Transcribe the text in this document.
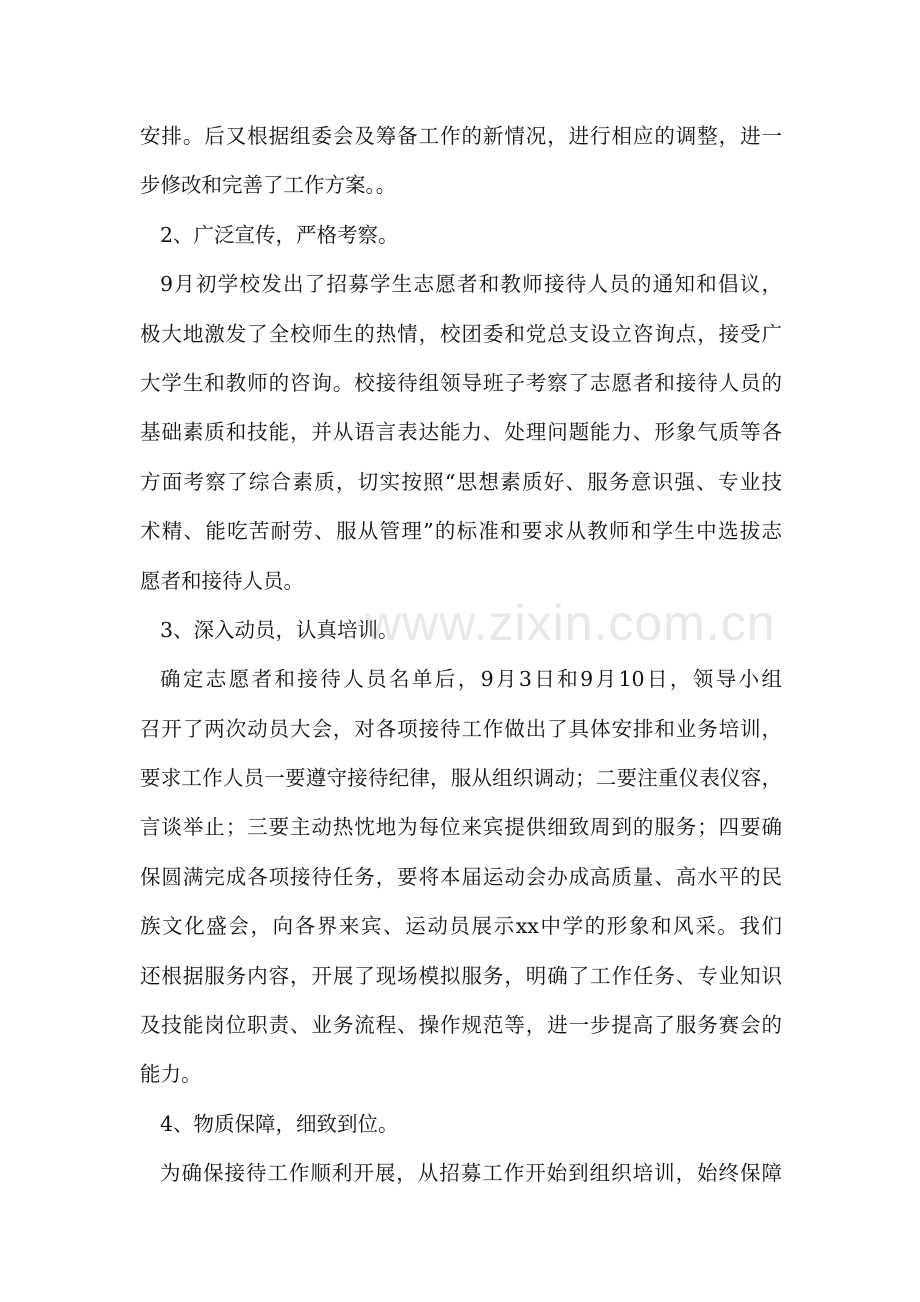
安排。后又根据组委会及筹备工作的新情况，进行相应的调整，进一
步修改和完善了工作方案。。
2、广泛宣传，严格考察。
9月初学校发出了招募学生志愿者和教师接待人员的通知和倡议，
极大地激发了全校师生的热情，校团委和党总支设立咨询点，接受广
大学生和教师的咨询。校接待组领导班子考察了志愿者和接待人员的
基础素质和技能，并从语言表达能力、处理问题能力、形象气质等各
方面考察了综合素质，切实按照“思想素质好、服务意识强、专业技
术精、能吃苦耐劳、服从管理”的标准和要求从教师和学生中选拔志
愿者和接待人员。
3、深入动员，认真培训。
确定志愿者和接待人员名单后，9月3日和9月10日，领导小组
召开了两次动员大会，对各项接待工作做出了具体安排和业务培训，
要求工作人员一要遵守接待纪律，服从组织调动；二要注重仪表仪容，
言谈举止；三要主动热忱地为每位来宾提供细致周到的服务；四要确
保圆满完成各项接待任务，要将本届运动会办成高质量、高水平的民
族文化盛会，向各界来宾、运动员展示xx中学的形象和风采。我们
还根据服务内容，开展了现场模拟服务，明确了工作任务、专业知识
及技能岗位职责、业务流程、操作规范等，进一步提高了服务赛会的
能力。
4、物质保障，细致到位。
为确保接待工作顺利开展，从招募工作开始到组织培训，始终保障
www.zixin.com.cn
